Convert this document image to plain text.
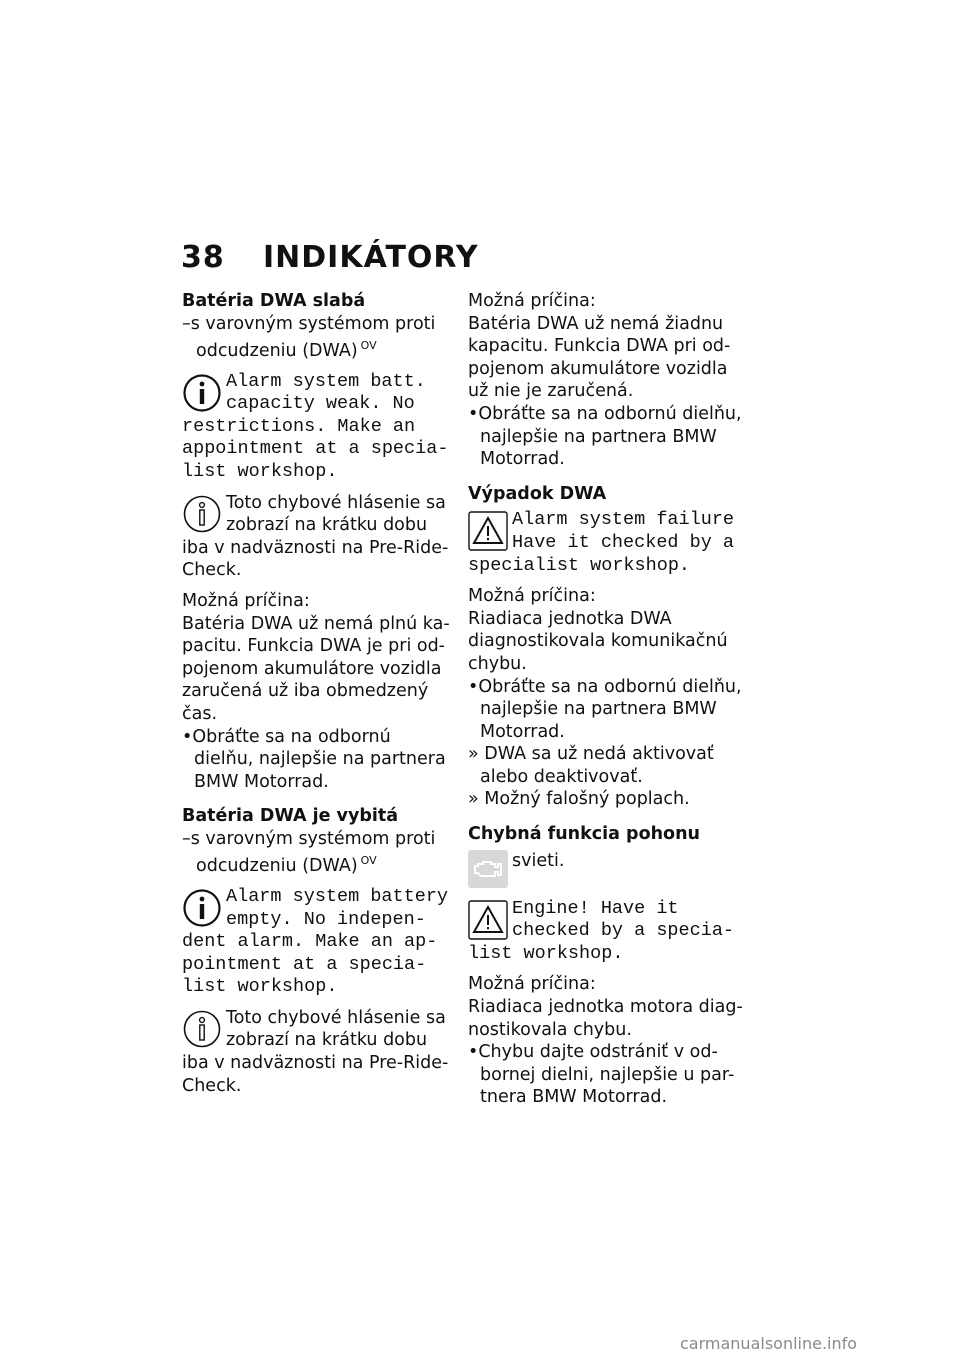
38 INDIKÁTORY
Batéria DWA slabá
–s varovným systémom proti odcudzeniu (DWA) $^{OV}$
Alarm system batt.
capacity weak. No
restrictions. Make an appointment at a specia-list workshop.
Toto chybové hlásenie sa
zobrazí na krátku dobu
iba v nadväznosti na Pre-Ride-Check.
Možná príčina:
Batéria DWA už nemá plnú ka-pacitu. Funkcia DWA je pri od-pojenom akumulátore vozidla zaručená už iba obmedzený čas.
•Obráťte sa na odbornú dielňu, najlepšie na partnera BMW Motorrad.
Batéria DWA je vybitá
–s varovným systémom proti odcudzeniu (DWA) $^{OV}$
Alarm system battery
empty. No indepen-
dent alarm. Make an ap-pointment at a specia-list workshop.
Toto chybové hlásenie sa
zobrazí na krátku dobu
iba v nadväznosti na Pre-Ride-Check.
Možná príčina:
Batéria DWA už nemá žiadnu kapacitu. Funkcia DWA pri od-pojenom akumulátore vozidla už nie je zaručená.
•Obráťte sa na odbornú dielňu, najlepšie na partnera BMW Motorrad.
Výpadok DWA
Alarm system failure
Have it checked by a
specialist workshop.
Možná príčina:
Riadiaca jednotka DWA diagnostikovala komunikačnú chybu.
•Obráťte sa na odbornú dielňu, najlepšie na partnera BMW Motorrad.
» DWA sa už nedá aktivovať alebo deaktivovať.
» Možný falošný poplach.
Chybná funkcia pohonu
svieti.
Engine! Have it
checked by a specia-
list workshop.
Možná príčina:
Riadiaca jednotka motora diag-nostikovala chybu.
•Chybu dajte odstrániť v od-bornej dielni, najlepšie u par-tnera BMW Motorrad.
carmanualsonline.info
